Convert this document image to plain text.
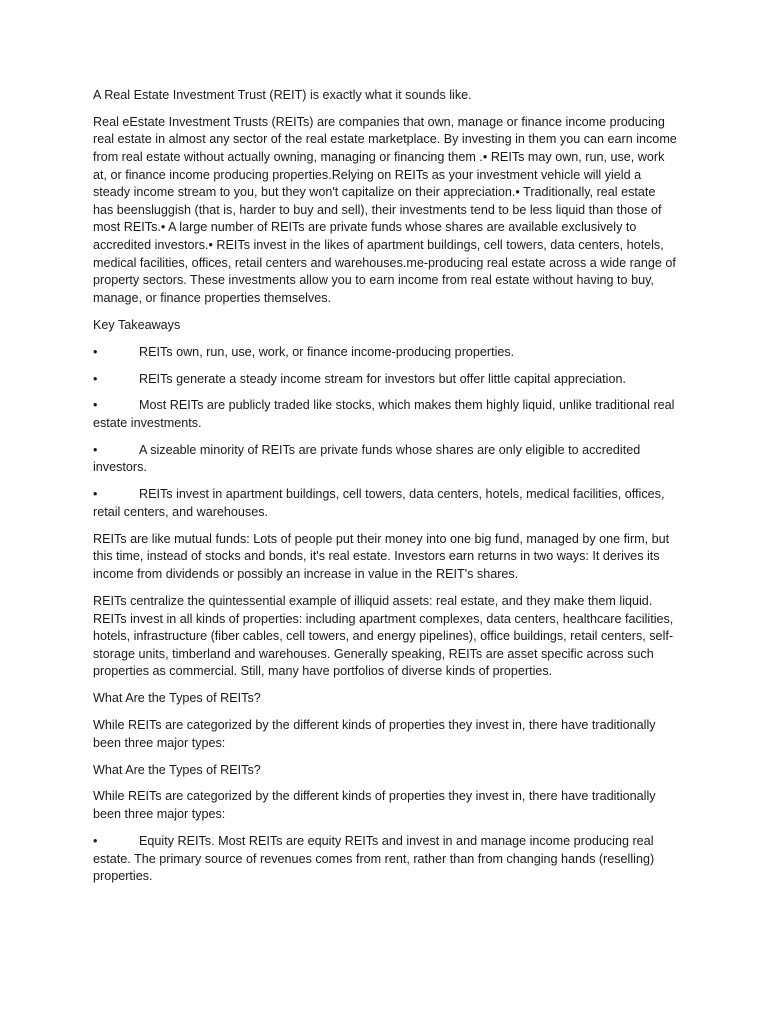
A Real Estate Investment Trust (REIT) is exactly what it sounds like.

Real eEstate Investment Trusts (REITs) are companies that own, manage or finance income producing real estate in almost any sector of the real estate marketplace. By investing in them you can earn income from real estate without actually owning, managing or financing them .• REITs may own, run, use, work at, or finance income producing properties.Relying on REITs as your investment vehicle will yield a steady income stream to you, but they won't capitalize on their appreciation.• Traditionally, real estate has beensluggish (that is, harder to buy and sell), their investments tend to be less liquid than those of most REITs.• A large number of REITs are private funds whose shares are available exclusively to accredited investors.• REITs invest in the likes of apartment buildings, cell towers, data centers, hotels, medical facilities, offices, retail centers and warehouses.me-producing real estate across a wide range of property sectors. These investments allow you to earn income from real estate without having to buy, manage, or finance properties themselves.

Key Takeaways

•	REITs own, run, use, work, or finance income-producing properties.

•	REITs generate a steady income stream for investors but offer little capital appreciation.

•	Most REITs are publicly traded like stocks, which makes them highly liquid, unlike traditional real estate investments.

•	A sizeable minority of REITs are private funds whose shares are only eligible to accredited investors.

•	REITs invest in apartment buildings, cell towers, data centers, hotels, medical facilities, offices, retail centers, and warehouses.

REITs are like mutual funds: Lots of people put their money into one big fund, managed by one firm, but this time, instead of stocks and bonds, it's real estate. Investors earn returns in two ways: It derives its income from dividends or possibly an increase in value in the REIT's shares.

REITs centralize the quintessential example of illiquid assets: real estate, and they make them liquid. REITs invest in all kinds of properties: including apartment complexes, data centers, healthcare facilities, hotels, infrastructure (fiber cables, cell towers, and energy pipelines), office buildings, retail centers, self-storage units, timberland and warehouses. Generally speaking, REITs are asset specific across such properties as commercial. Still, many have portfolios of diverse kinds of properties.

What Are the Types of REITs?

While REITs are categorized by the different kinds of properties they invest in, there have traditionally been three major types:

What Are the Types of REITs?

While REITs are categorized by the different kinds of properties they invest in, there have traditionally been three major types:

•	Equity REITs. Most REITs are equity REITs and invest in and manage income producing real estate. The primary source of revenues comes from rent, rather than from changing hands (reselling) properties.
